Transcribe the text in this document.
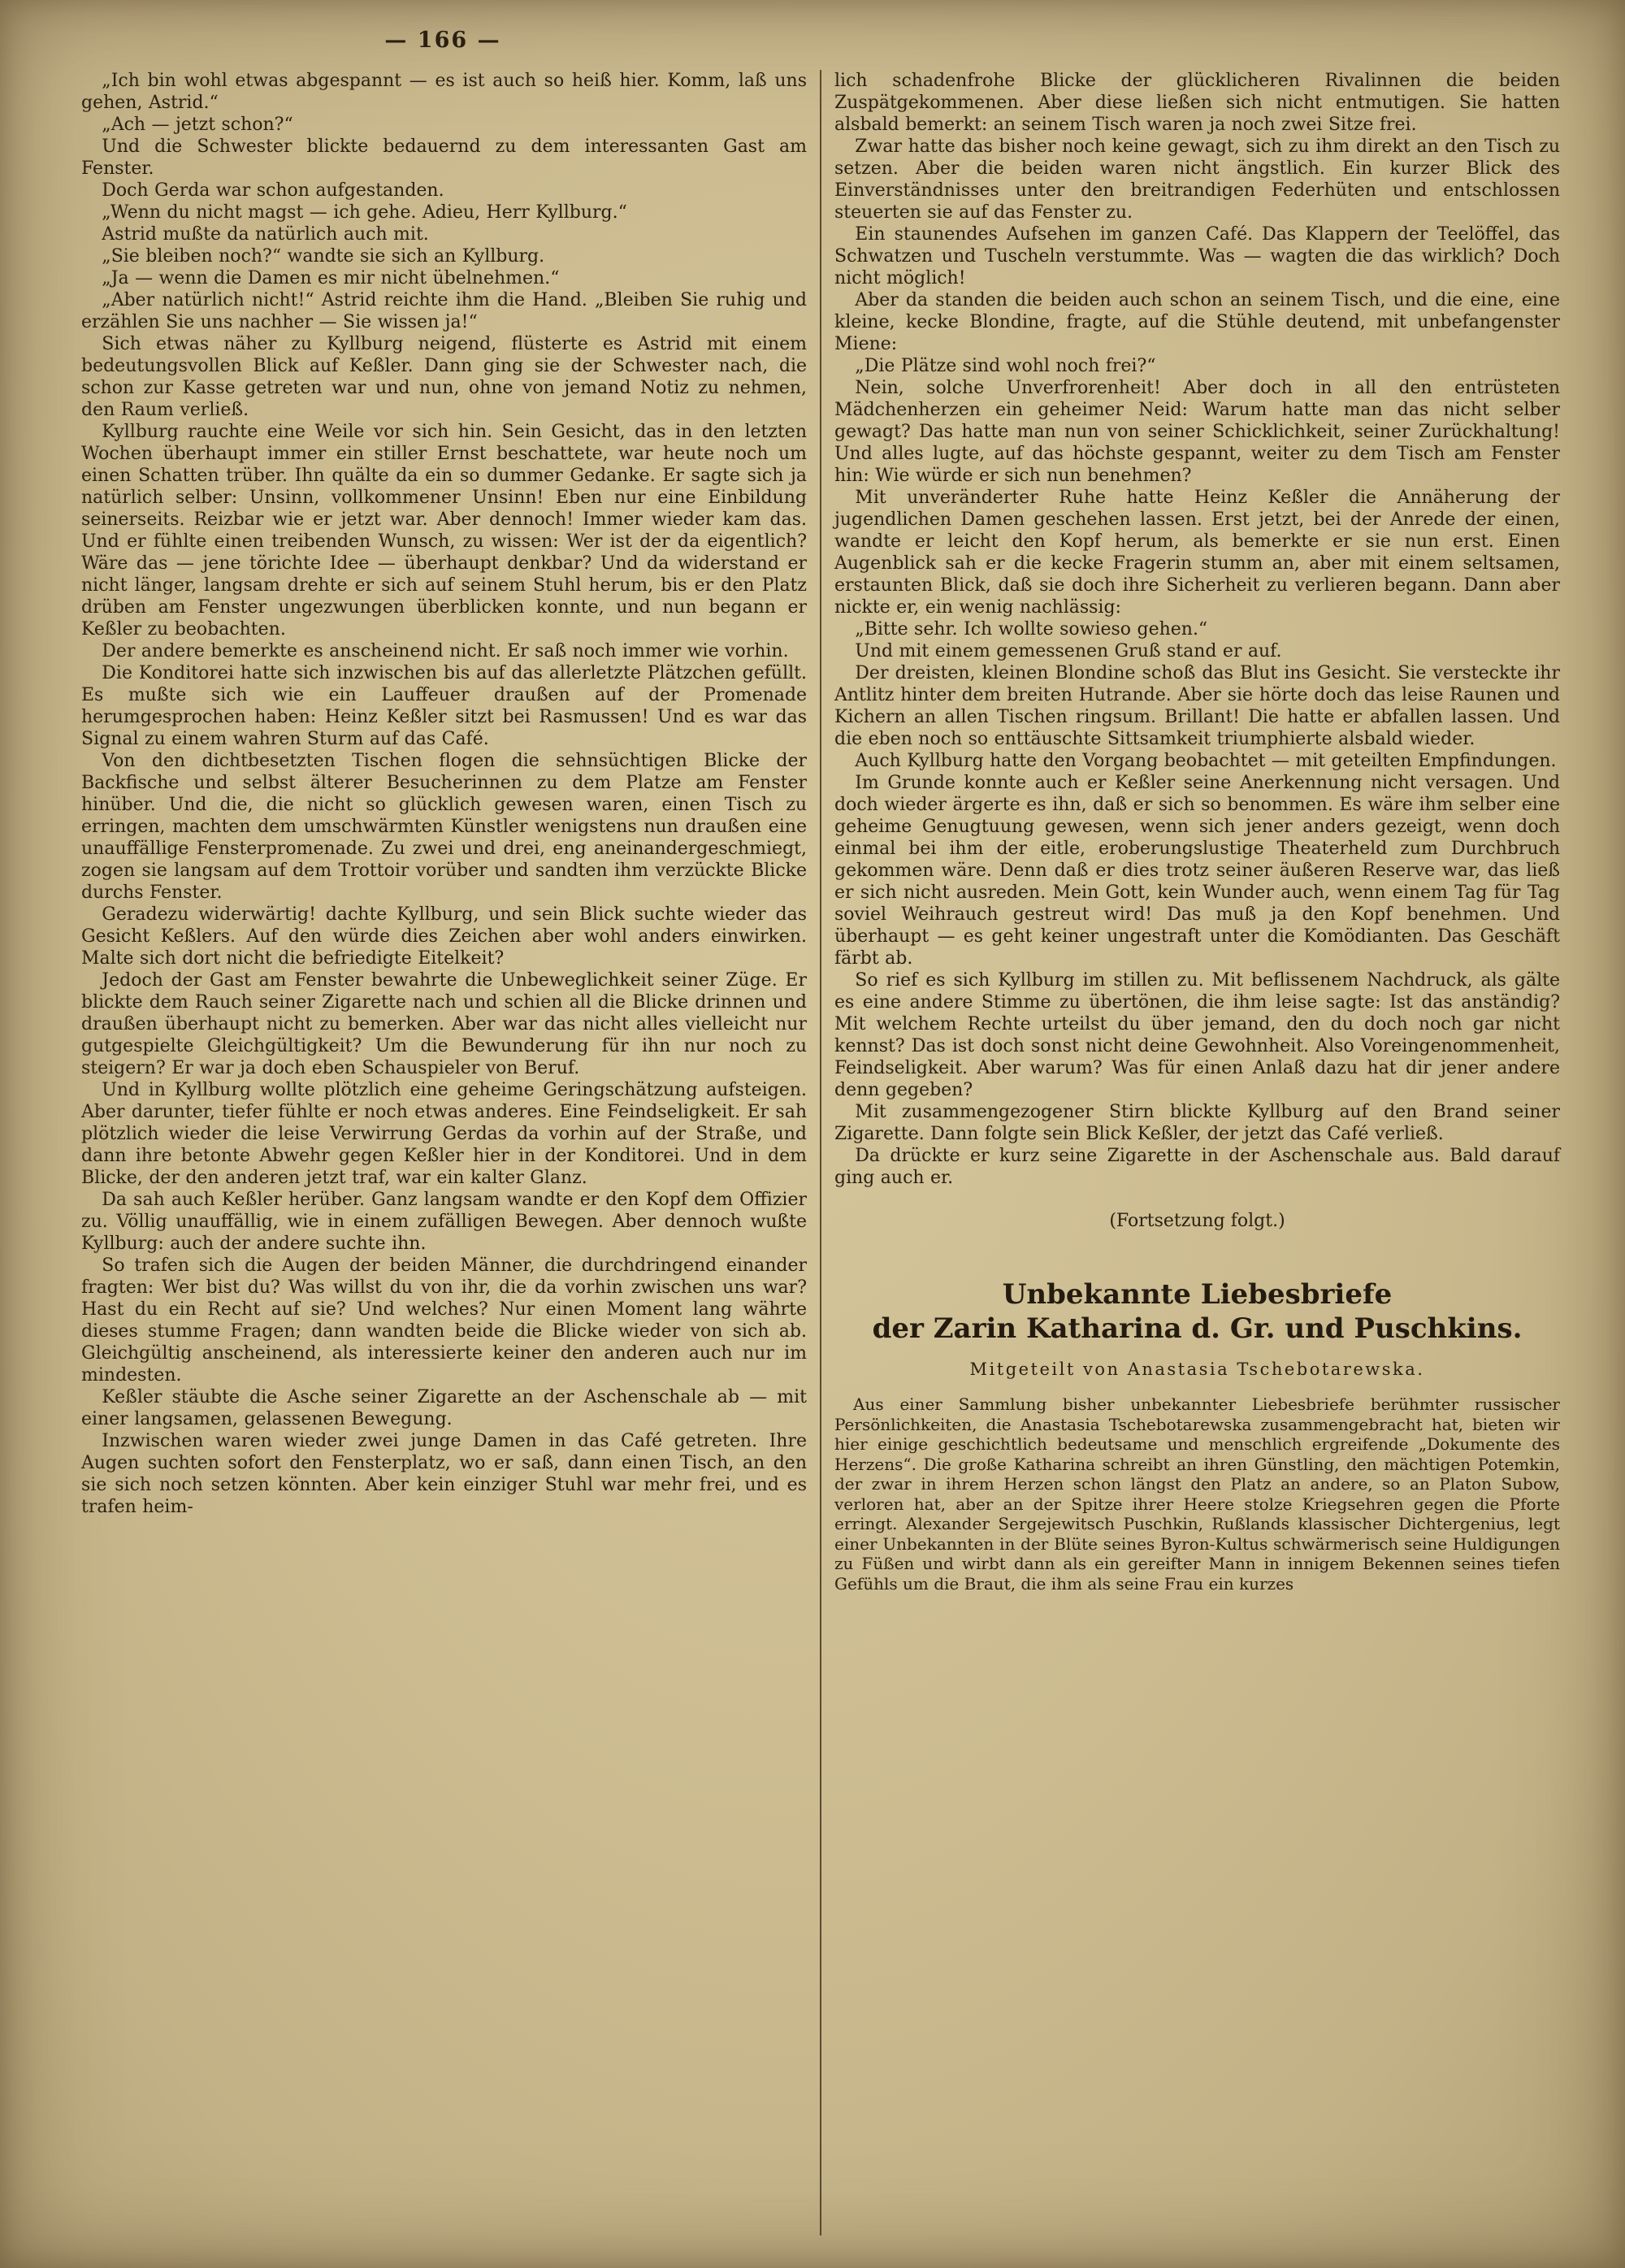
— 166 —

„Ich bin wohl etwas abgespannt — es ist auch so heiß hier. Komm, laß uns gehen, Astrid.“

„Ach — jetzt schon?“

Und die Schwester blickte bedauernd zu dem interessanten Gast am Fenster.

Doch Gerda war schon aufgestanden.

„Wenn du nicht magst — ich gehe. Adieu, Herr Kyllburg.“

Astrid mußte da natürlich auch mit.

„Sie bleiben noch?“ wandte sie sich an Kyllburg.

„Ja — wenn die Damen es mir nicht übelnehmen.“

„Aber natürlich nicht!“ Astrid reichte ihm die Hand. „Bleiben Sie ruhig und erzählen Sie uns nachher — Sie wissen ja!“

Sich etwas näher zu Kyllburg neigend, flüsterte es Astrid mit einem bedeutungsvollen Blick auf Keßler. Dann ging sie der Schwester nach, die schon zur Kasse getreten war und nun, ohne von jemand Notiz zu nehmen, den Raum verließ.

Kyllburg rauchte eine Weile vor sich hin. Sein Gesicht, das in den letzten Wochen überhaupt immer ein stiller Ernst beschattete, war heute noch um einen Schatten trüber. Ihn quälte da ein so dummer Gedanke. Er sagte sich ja natürlich selber: Unsinn, vollkommener Unsinn! Eben nur eine Einbildung seinerseits. Reizbar wie er jetzt war. Aber dennoch! Immer wieder kam das. Und er fühlte einen treibenden Wunsch, zu wissen: Wer ist der da eigentlich? Wäre das — jene törichte Idee — überhaupt denkbar? Und da widerstand er nicht länger, langsam drehte er sich auf seinem Stuhl herum, bis er den Platz drüben am Fenster ungezwungen überblicken konnte, und nun begann er Keßler zu beobachten.

Der andere bemerkte es anscheinend nicht. Er saß noch immer wie vorhin.

Die Konditorei hatte sich inzwischen bis auf das allerletzte Plätzchen gefüllt. Es mußte sich wie ein Lauffeuer draußen auf der Promenade herumgesprochen haben: Heinz Keßler sitzt bei Rasmussen! Und es war das Signal zu einem wahren Sturm auf das Café.

Von den dichtbesetzten Tischen flogen die sehnsüchtigen Blicke der Backfische und selbst älterer Besucherinnen zu dem Platze am Fenster hinüber. Und die, die nicht so glücklich gewesen waren, einen Tisch zu erringen, machten dem umschwärmten Künstler wenigstens nun draußen eine unauffällige Fensterpromenade. Zu zwei und drei, eng aneinandergeschmiegt, zogen sie langsam auf dem Trottoir vorüber und sandten ihm verzückte Blicke durchs Fenster.

Geradezu widerwärtig! dachte Kyllburg, und sein Blick suchte wieder das Gesicht Keßlers. Auf den würde dies Zeichen aber wohl anders einwirken. Malte sich dort nicht die befriedigte Eitelkeit?

Jedoch der Gast am Fenster bewahrte die Unbeweglichkeit seiner Züge. Er blickte dem Rauch seiner Zigarette nach und schien all die Blicke drinnen und draußen überhaupt nicht zu bemerken. Aber war das nicht alles vielleicht nur gutgespielte Gleichgültigkeit? Um die Bewunderung für ihn nur noch zu steigern? Er war ja doch eben Schauspieler von Beruf.

Und in Kyllburg wollte plötzlich eine geheime Geringschätzung aufsteigen. Aber darunter, tiefer fühlte er noch etwas anderes. Eine Feindseligkeit. Er sah plötzlich wieder die leise Verwirrung Gerdas da vorhin auf der Straße, und dann ihre betonte Abwehr gegen Keßler hier in der Konditorei. Und in dem Blicke, der den anderen jetzt traf, war ein kalter Glanz.

Da sah auch Keßler herüber. Ganz langsam wandte er den Kopf dem Offizier zu. Völlig unauffällig, wie in einem zufälligen Bewegen. Aber dennoch wußte Kyllburg: auch der andere suchte ihn.

So trafen sich die Augen der beiden Männer, die durchdringend einander fragten: Wer bist du? Was willst du von ihr, die da vorhin zwischen uns war? Hast du ein Recht auf sie? Und welches? Nur einen Moment lang währte dieses stumme Fragen; dann wandten beide die Blicke wieder von sich ab. Gleichgültig anscheinend, als interessierte keiner den anderen auch nur im mindesten.

Keßler stäubte die Asche seiner Zigarette an der Aschenschale ab — mit einer langsamen, gelassenen Bewegung.

Inzwischen waren wieder zwei junge Damen in das Café getreten. Ihre Augen suchten sofort den Fensterplatz, wo er saß, dann einen Tisch, an den sie sich noch setzen könnten. Aber kein einziger Stuhl war mehr frei, und es trafen heim-

lich schadenfrohe Blicke der glücklicheren Rivalinnen die beiden Zuspätgekommenen. Aber diese ließen sich nicht entmutigen. Sie hatten alsbald bemerkt: an seinem Tisch waren ja noch zwei Sitze frei.

Zwar hatte das bisher noch keine gewagt, sich zu ihm direkt an den Tisch zu setzen. Aber die beiden waren nicht ängstlich. Ein kurzer Blick des Einverständnisses unter den breitrandigen Federhüten und entschlossen steuerten sie auf das Fenster zu.

Ein staunendes Aufsehen im ganzen Café. Das Klappern der Teelöffel, das Schwatzen und Tuscheln verstummte. Was — wagten die das wirklich? Doch nicht möglich!

Aber da standen die beiden auch schon an seinem Tisch, und die eine, eine kleine, kecke Blondine, fragte, auf die Stühle deutend, mit unbefangenster Miene:

„Die Plätze sind wohl noch frei?“

Nein, solche Unverfrorenheit! Aber doch in all den entrüsteten Mädchenherzen ein geheimer Neid: Warum hatte man das nicht selber gewagt? Das hatte man nun von seiner Schicklichkeit, seiner Zurückhaltung! Und alles lugte, auf das höchste gespannt, weiter zu dem Tisch am Fenster hin: Wie würde er sich nun benehmen?

Mit unveränderter Ruhe hatte Heinz Keßler die Annäherung der jugendlichen Damen geschehen lassen. Erst jetzt, bei der Anrede der einen, wandte er leicht den Kopf herum, als bemerkte er sie nun erst. Einen Augenblick sah er die kecke Fragerin stumm an, aber mit einem seltsamen, erstaunten Blick, daß sie doch ihre Sicherheit zu verlieren begann. Dann aber nickte er, ein wenig nachlässig:

„Bitte sehr. Ich wollte sowieso gehen.“

Und mit einem gemessenen Gruß stand er auf.

Der dreisten, kleinen Blondine schoß das Blut ins Gesicht. Sie versteckte ihr Antlitz hinter dem breiten Hutrande. Aber sie hörte doch das leise Raunen und Kichern an allen Tischen ringsum. Brillant! Die hatte er abfallen lassen. Und die eben noch so enttäuschte Sittsamkeit triumphierte alsbald wieder.

Auch Kyllburg hatte den Vorgang beobachtet — mit geteilten Empfindungen.

Im Grunde konnte auch er Keßler seine Anerkennung nicht versagen. Und doch wieder ärgerte es ihn, daß er sich so benommen. Es wäre ihm selber eine geheime Genugtuung gewesen, wenn sich jener anders gezeigt, wenn doch einmal bei ihm der eitle, eroberungslustige Theaterheld zum Durchbruch gekommen wäre. Denn daß er dies trotz seiner äußeren Reserve war, das ließ er sich nicht ausreden. Mein Gott, kein Wunder auch, wenn einem Tag für Tag soviel Weihrauch gestreut wird! Das muß ja den Kopf benehmen. Und überhaupt — es geht keiner ungestraft unter die Komödianten. Das Geschäft färbt ab.

So rief es sich Kyllburg im stillen zu. Mit beflissenem Nachdruck, als gälte es eine andere Stimme zu übertönen, die ihm leise sagte: Ist das anständig? Mit welchem Rechte urteilst du über jemand, den du doch noch gar nicht kennst? Das ist doch sonst nicht deine Gewohnheit. Also Voreingenommenheit, Feindseligkeit. Aber warum? Was für einen Anlaß dazu hat dir jener andere denn gegeben?

Mit zusammengezogener Stirn blickte Kyllburg auf den Brand seiner Zigarette. Dann folgte sein Blick Keßler, der jetzt das Café verließ.

Da drückte er kurz seine Zigarette in der Aschenschale aus. Bald darauf ging auch er.

(Fortsetzung folgt.)

Unbekannte Liebesbriefe
der Zarin Katharina d. Gr. und Puschkins.

Mitgeteilt von Anastasia Tschebotarewska.

Aus einer Sammlung bisher unbekannter Liebesbriefe berühmter russischer Persönlichkeiten, die Anastasia Tschebotarewska zusammengebracht hat, bieten wir hier einige geschichtlich bedeutsame und menschlich ergreifende „Dokumente des Herzens“. Die große Katharina schreibt an ihren Günstling, den mächtigen Potemkin, der zwar in ihrem Herzen schon längst den Platz an andere, so an Platon Subow, verloren hat, aber an der Spitze ihrer Heere stolze Kriegsehren gegen die Pforte erringt. Alexander Sergejewitsch Puschkin, Rußlands klassischer Dichtergenius, legt einer Unbekannten in der Blüte seines Byron-Kultus schwärmerisch seine Huldigungen zu Füßen und wirbt dann als ein gereifter Mann in innigem Bekennen seines tiefen Gefühls um die Braut, die ihm als seine Frau ein kurzes
